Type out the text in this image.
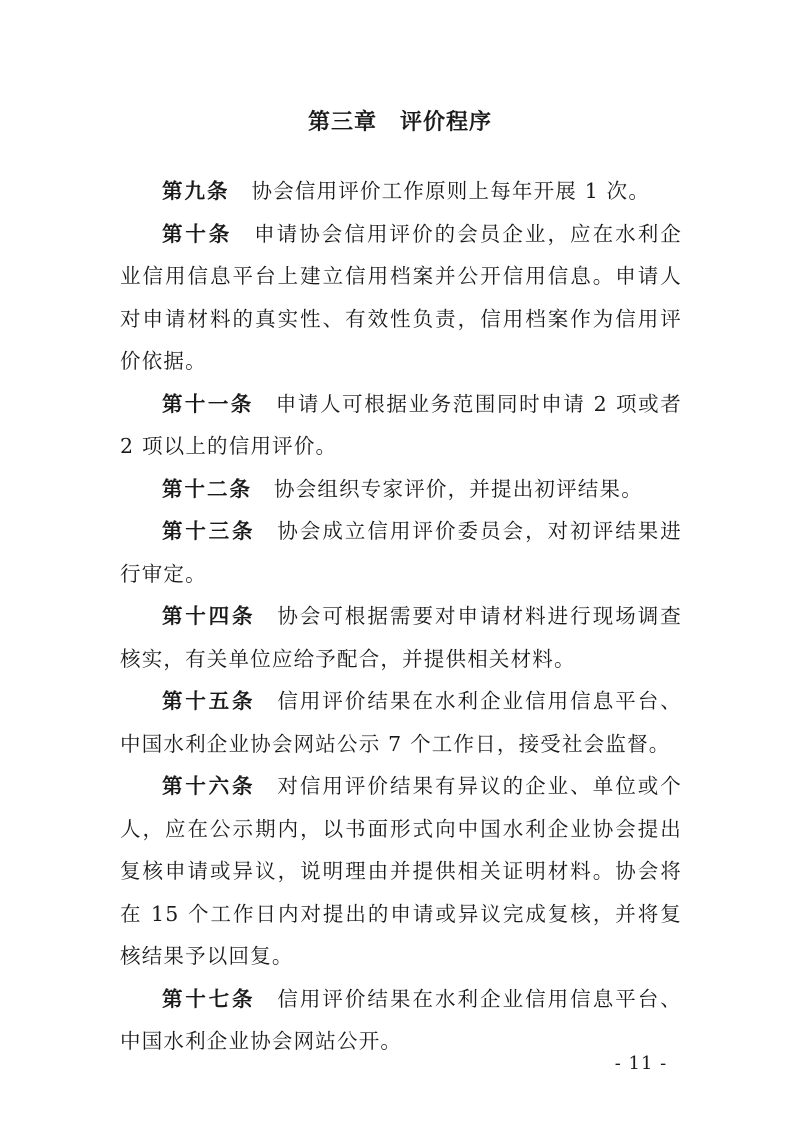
第三章　评价程序

第九条 协会信用评价工作原则上每年开展 1 次。

第十条 申请协会信用评价的会员企业，应在水利企业信用信息平台上建立信用档案并公开信用信息。申请人对申请材料的真实性、有效性负责，信用档案作为信用评价依据。

第十一条 申请人可根据业务范围同时申请 2 项或者 2 项以上的信用评价。

第十二条 协会组织专家评价，并提出初评结果。

第十三条 协会成立信用评价委员会，对初评结果进行审定。

第十四条 协会可根据需要对申请材料进行现场调查核实，有关单位应给予配合，并提供相关材料。

第十五条 信用评价结果在水利企业信用信息平台、中国水利企业协会网站公示 7 个工作日，接受社会监督。

第十六条 对信用评价结果有异议的企业、单位或个人，应在公示期内，以书面形式向中国水利企业协会提出复核申请或异议，说明理由并提供相关证明材料。协会将在 15 个工作日内对提出的申请或异议完成复核，并将复核结果予以回复。

第十七条 信用评价结果在水利企业信用信息平台、中国水利企业协会网站公开。

- 11 -
